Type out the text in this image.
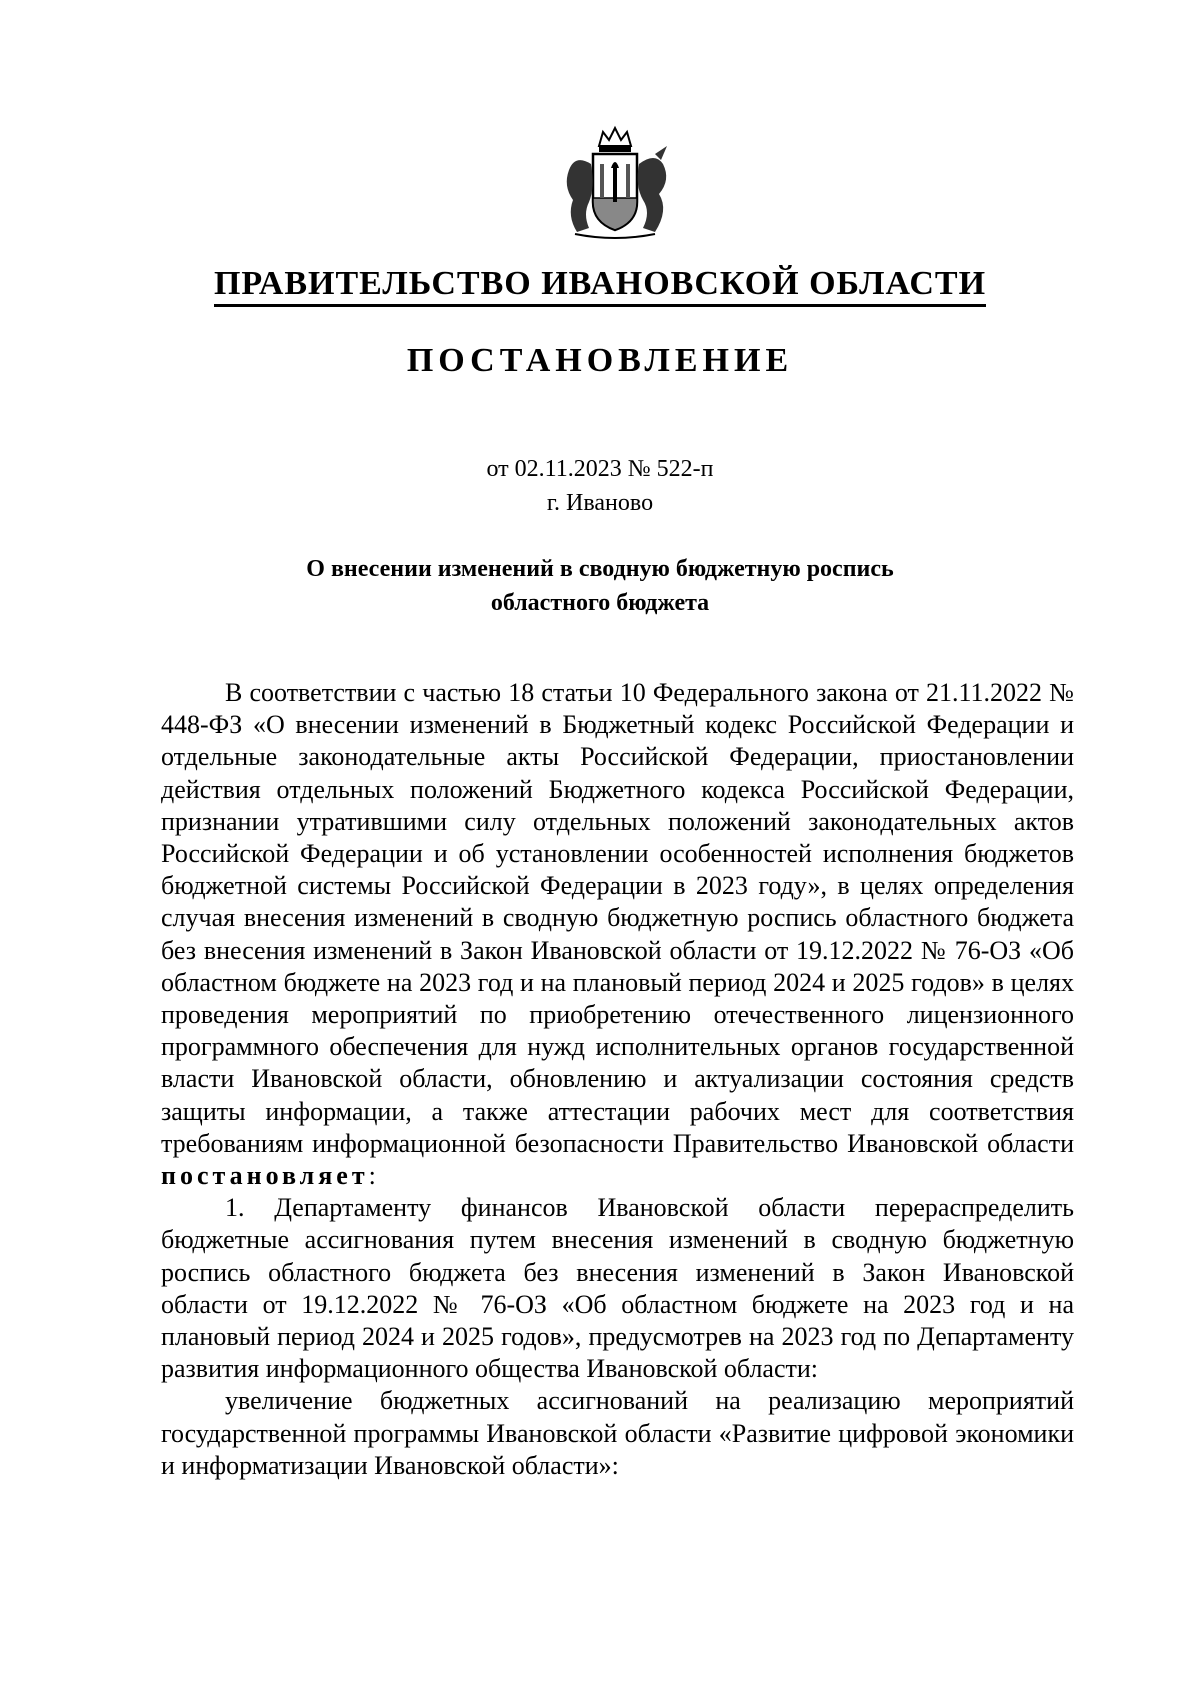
ПРАВИТЕЛЬСТВО ИВАНОВСКОЙ ОБЛАСТИ
ПОСТАНОВЛЕНИЕ
от 02.11.2023 № 522-п
г. Иваново
О внесении изменений в сводную бюджетную роспись
областного бюджета

В соответствии с частью 18 статьи 10 Федерального закона от 21.11.2022 № 448-ФЗ «О внесении изменений в Бюджетный кодекс Российской Федерации и отдельные законодательные акты Российской Федерации, приостановлении действия отдельных положений Бюджетного кодекса Российской Федерации, признании утратившими силу отдельных положений законодательных актов Российской Федерации и об установлении особенностей исполнения бюджетов бюджетной системы Российской Федерации в 2023 году», в целях определения случая внесения изменений в сводную бюджетную роспись областного бюджета без внесения изменений в Закон Ивановской области от 19.12.2022 № 76-ОЗ «Об областном бюджете на 2023 год и на плановый период 2024 и 2025 годов» в целях проведения мероприятий по приобретению отечественного лицензионного программного обеспечения для нужд исполнительных органов государственной власти Ивановской области, обновлению и актуализации состояния средств защиты информации, а также аттестации рабочих мест для соответствия требованиям информационной безопасности Правительство Ивановской области постановляет:

1. Департаменту финансов Ивановской области перераспределить бюджетные ассигнования путем внесения изменений в сводную бюджетную роспись областного бюджета без внесения изменений в Закон Ивановской области от 19.12.2022 № 76-ОЗ «Об областном бюджете на 2023 год и на плановый период 2024 и 2025 годов», предусмотрев на 2023 год по Департаменту развития информационного общества Ивановской области:

увеличение бюджетных ассигнований на реализацию мероприятий государственной программы Ивановской области «Развитие цифровой экономики и информатизации Ивановской области»:
